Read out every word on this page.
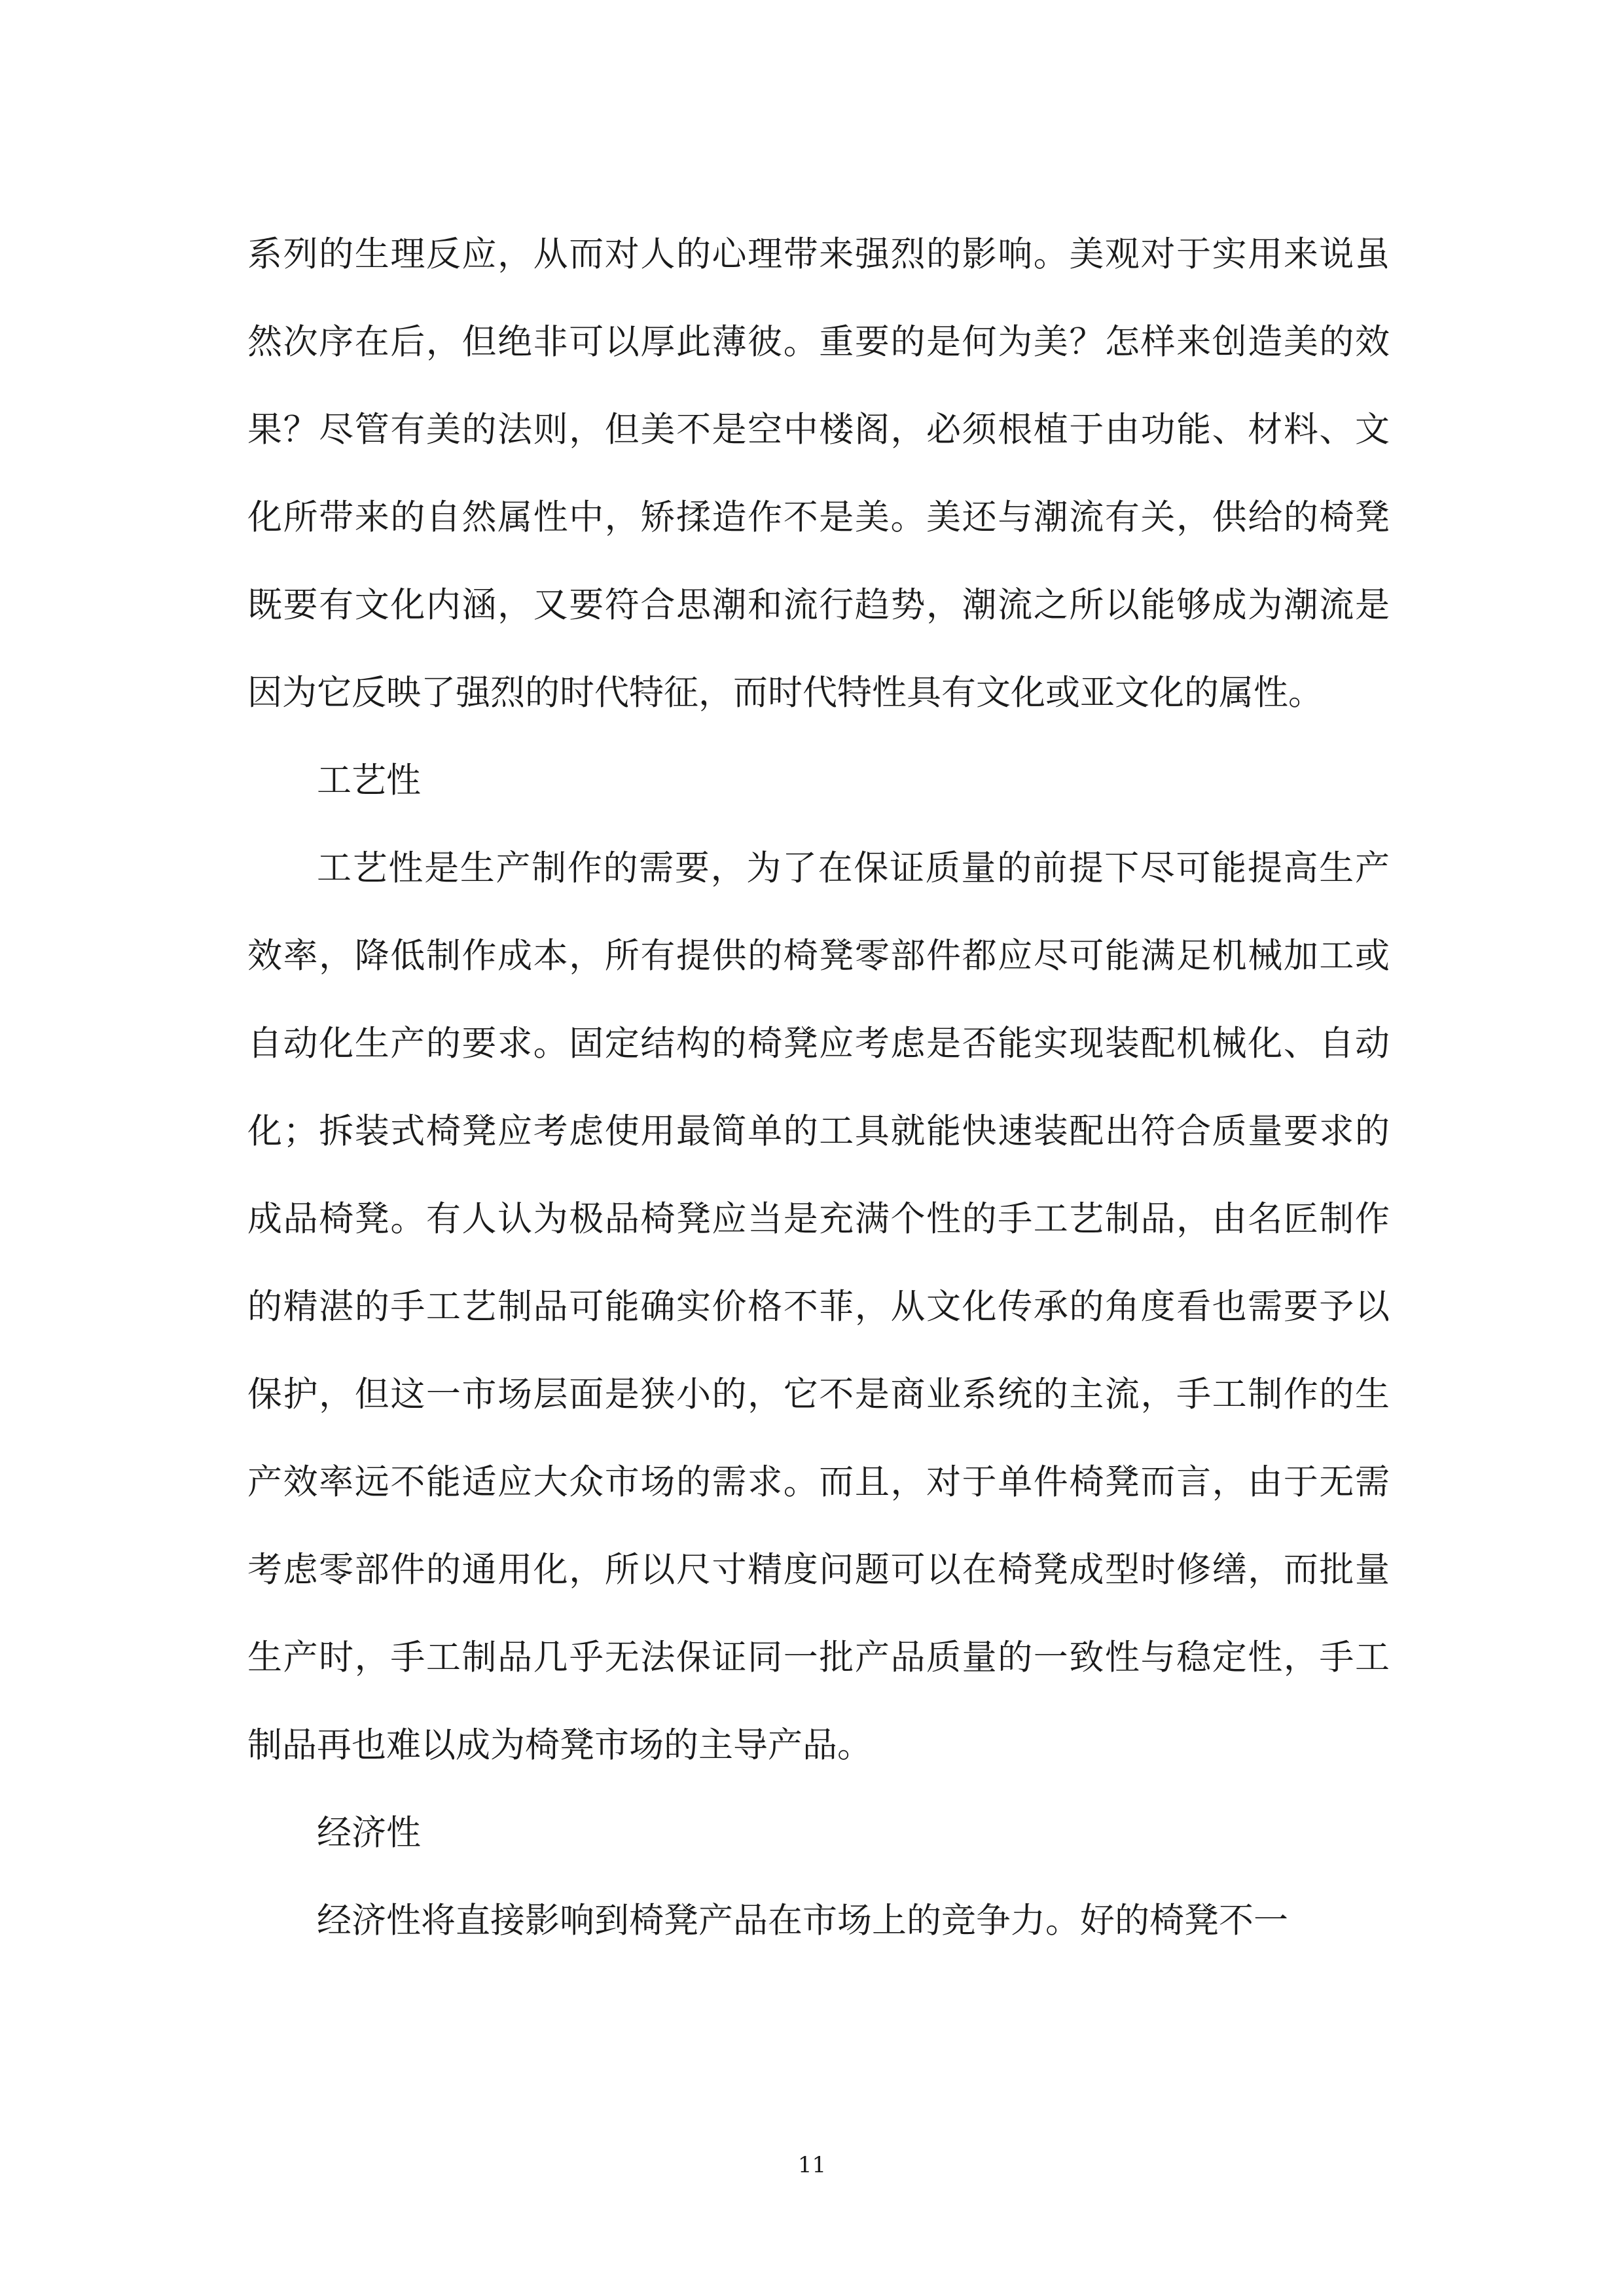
系列的生理反应，从而对人的心理带来强烈的影响。美观对于实用来说虽然次序在后，但绝非可以厚此薄彼。重要的是何为美？怎样来创造美的效果？尽管有美的法则，但美不是空中楼阁，必须根植于由功能、材料、文化所带来的自然属性中，矫揉造作不是美。美还与潮流有关，供给的椅凳既要有文化内涵，又要符合思潮和流行趋势，潮流之所以能够成为潮流是因为它反映了强烈的时代特征，而时代特性具有文化或亚文化的属性。

工艺性

工艺性是生产制作的需要，为了在保证质量的前提下尽可能提高生产效率，降低制作成本，所有提供的椅凳零部件都应尽可能满足机械加工或自动化生产的要求。固定结构的椅凳应考虑是否能实现装配机械化、自动化；拆装式椅凳应考虑使用最简单的工具就能快速装配出符合质量要求的成品椅凳。有人认为极品椅凳应当是充满个性的手工艺制品，由名匠制作的精湛的手工艺制品可能确实价格不菲，从文化传承的角度看也需要予以保护，但这一市场层面是狭小的，它不是商业系统的主流，手工制作的生产效率远不能适应大众市场的需求。而且，对于单件椅凳而言，由于无需考虑零部件的通用化，所以尺寸精度问题可以在椅凳成型时修缮，而批量生产时，手工制品几乎无法保证同一批产品质量的一致性与稳定性，手工制品再也难以成为椅凳市场的主导产品。

经济性

经济性将直接影响到椅凳产品在市场上的竞争力。好的椅凳不一

11
